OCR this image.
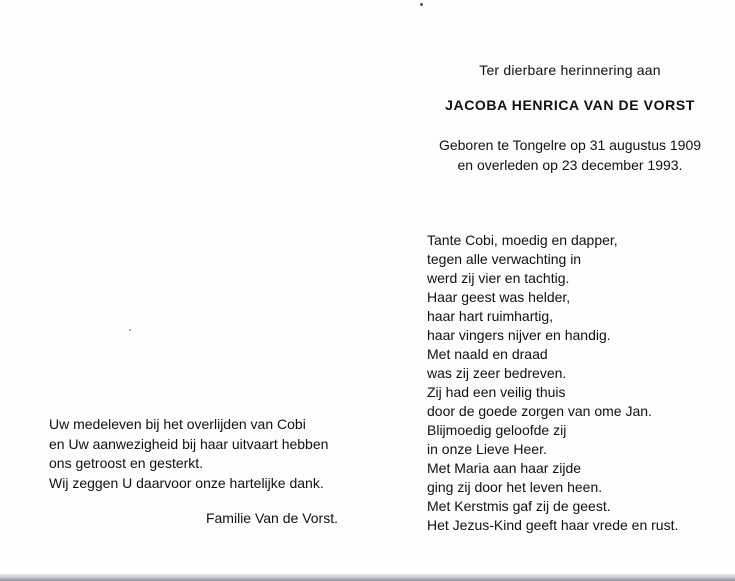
Ter dierbare herinnering aan
JACOBA HENRICA VAN DE VORST
Geboren te Tongelre op 31 augustus 1909
en overleden op 23 december 1993.
Tante Cobi, moedig en dapper,
tegen alle verwachting in
werd zij vier en tachtig.
Haar geest was helder,
haar hart ruimhartig,
haar vingers nijver en handig.
Met naald en draad
was zij zeer bedreven.
Zij had een veilig thuis
door de goede zorgen van ome Jan.
Blijmoedig geloofde zij
in onze Lieve Heer.
Met Maria aan haar zijde
ging zij door het leven heen.
Met Kerstmis gaf zij de geest.
Het Jezus-Kind geeft haar vrede en rust.
Uw medeleven bij het overlijden van Cobi
en Uw aanwezigheid bij haar uitvaart hebben
ons getroost en gesterkt.
Wij zeggen U daarvoor onze hartelijke dank.
Familie Van de Vorst.
